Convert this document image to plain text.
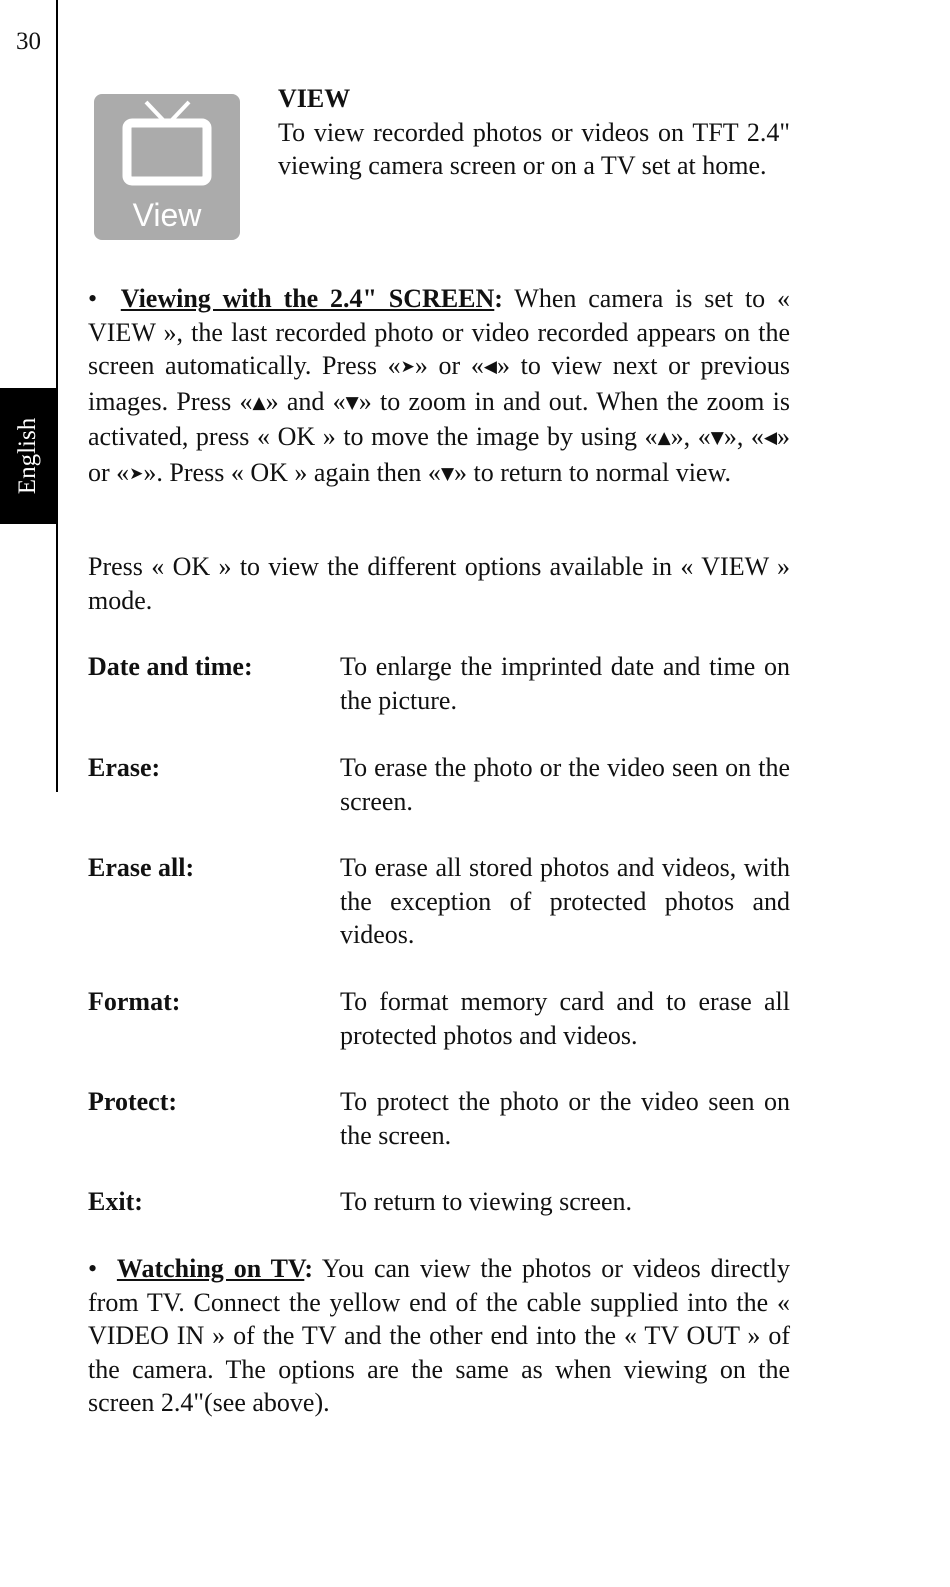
30
English
View
VIEW
To view recorded photos or videos on TFT 2.4" viewing camera screen or on a TV set at home.
• Viewing with the 2.4" SCREEN: When camera is set to « VIEW », the last recorded photo or video recorded appears on the screen automatically. Press «➤» or «◀» to view next or previous images. Press «▲» and «▼» to zoom in and out. When the zoom is activated, press « OK » to move the image by using «▲», «▼», «◀» or «➤». Press « OK » again then «▼» to return to normal view.
Press « OK » to view the different options available in « VIEW » mode.
Date and time:	To enlarge the imprinted date and time on the picture.
Erase:	To erase the photo or the video seen on the screen.
Erase all:	To erase all stored photos and videos, with the exception of protected photos and videos.
Format:	To format memory card and to erase all protected photos and videos.
Protect:	To protect the photo or the video seen on the screen.
Exit:	To return to viewing screen.
• Watching on TV: You can view the photos or videos directly from TV. Connect the yellow end of the cable supplied into the « VIDEO IN » of the TV and the other end into the « TV OUT » of the camera. The options are the same as when viewing on the screen 2.4"(see above).
